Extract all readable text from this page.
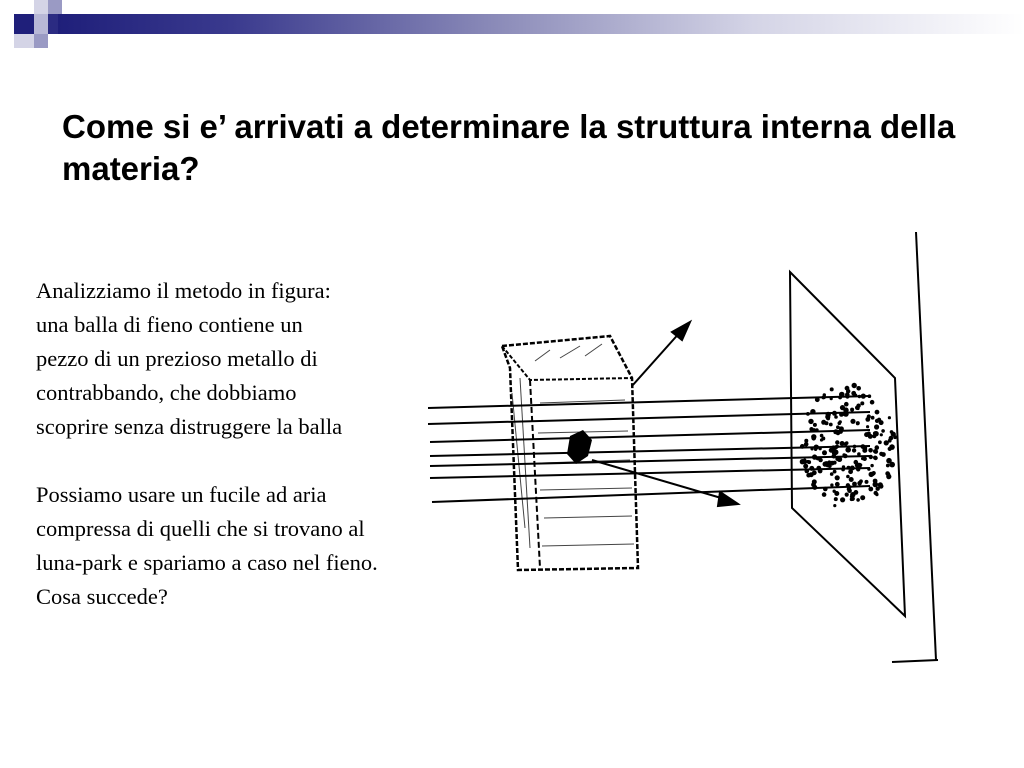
Come si e’ arrivati a determinare la struttura interna della materia?

Analizziamo il metodo in figura:

una balla di fieno contiene un

pezzo di un prezioso metallo di

contrabbando, che dobbiamo

scoprire senza distruggere la balla

Possiamo usare un fucile ad aria

compressa di quelli che si trovano al

luna-park e spariamo a caso nel fieno.

Cosa succede?
